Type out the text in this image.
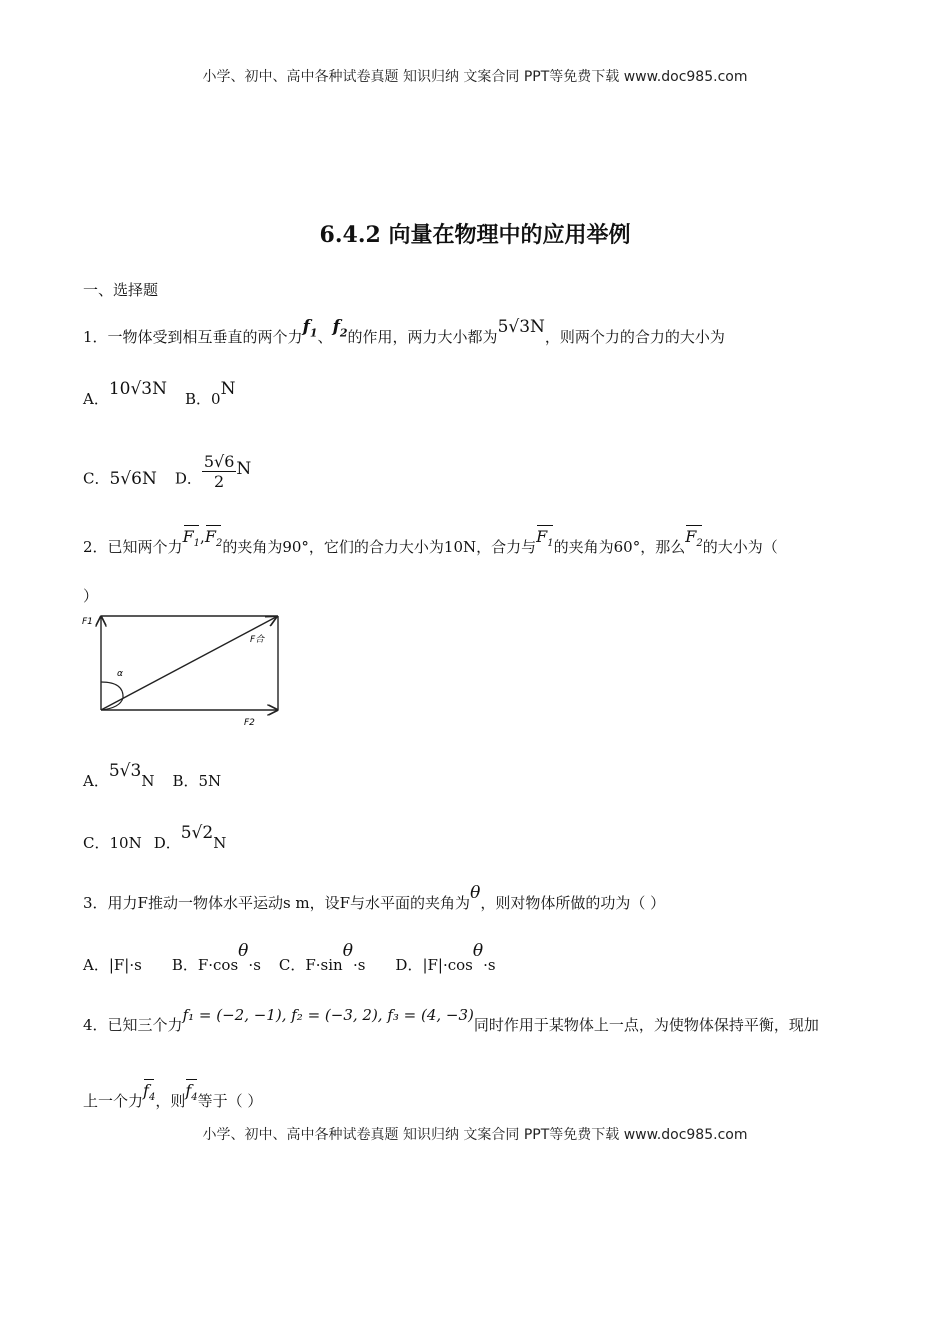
小学、初中、高中各种试卷真题 知识归纳 文案合同 PPT等免费下载 www.doc985.com
6.4.2 向量在物理中的应用举例
一、选择题
1．一物体受到相互垂直的两个力$f_1$、$f_2$的作用，两力大小都为5√3N，则两个力的合力的大小为
A．10√3N B．0N
C．5√6N D． $\frac{5√6}{2}$ N
2．已知两个力$F_1,F_2$的夹角为90°，它们的合力大小为10N，合力与$F_1$的夹角为60°，那么$F_2$的大小为（
）
F1
F合
α
F2
A．5√3N B．5N
C．10N D．5√2N
3．用力F推动一物体水平运动s m，设F与水平面的夹角为θ，则对物体所做的功为（ ）
A．|F|·s B．F·cosθ·s C．F·sinθ·s D．|F|·cosθ·s
4．已知三个力f₁ = (−2, −1), f₂ = (−3, 2), f₃ = (4, −3)同时作用于某物体上一点，为使物体保持平衡，现加
上一个力$f_4$，则$f_4$等于（ ）
小学、初中、高中各种试卷真题 知识归纳 文案合同 PPT等免费下载 www.doc985.com
